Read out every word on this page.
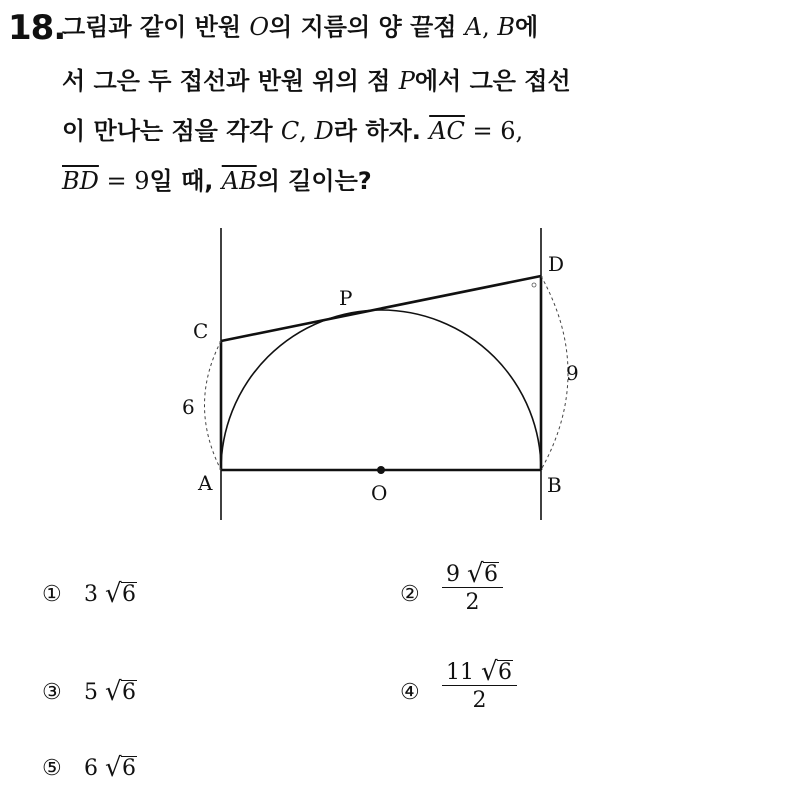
18.
그림과 같이 반원 O의 지름의 양 끝점 A, B에
서 그은 두 접선과 반원 위의 점 P에서 그은 접선
이 만나는 점을 각각 C, D라 하자. $\overline{AC} = 6$,
$\overline{BD} = 9$일 때, $\overline{AB}$의 길이는?
A	B
C
D
O
P
6
9
① 3 √ 6	② $\frac{9 √ 6}{2}$
③ 5 √ 6	④ $\frac{11 √ 6}{2}$
⑤ 6 √ 6
